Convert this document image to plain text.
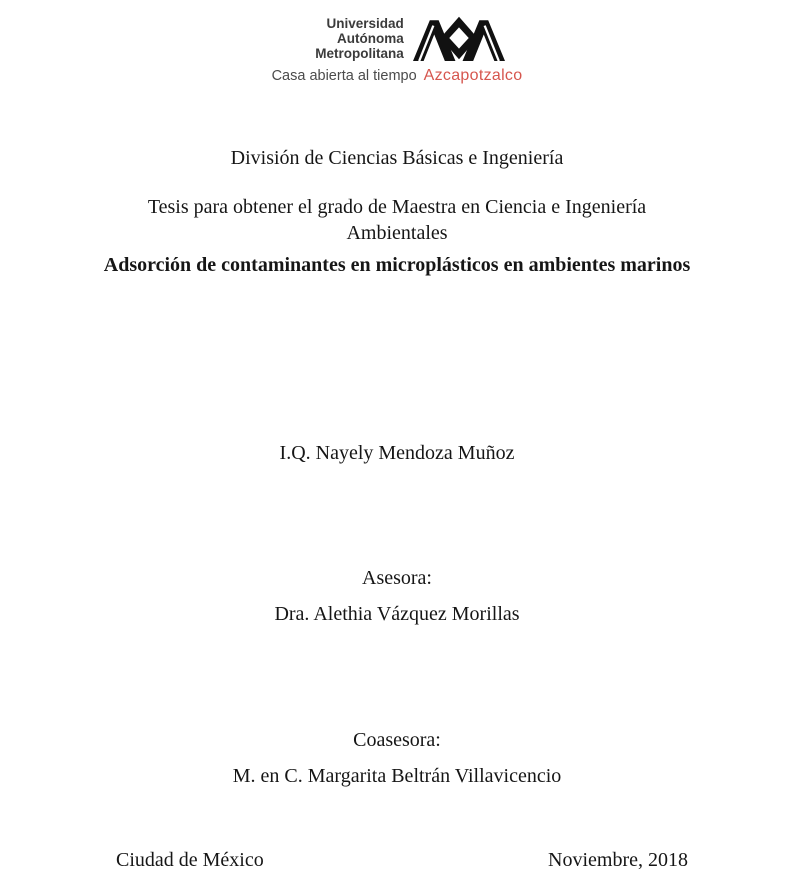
Universidad
Autónoma
Metropolitana
Casa abierta al tiempo Azcapotzalco
División de Ciencias Básicas e Ingeniería
Tesis para obtener el grado de Maestra en Ciencia e Ingeniería Ambientales
Adsorción de contaminantes en microplásticos en ambientes marinos
I.Q. Nayely Mendoza Muñoz
Asesora:
Dra. Alethia Vázquez Morillas
Coasesora:
M. en C. Margarita Beltrán Villavicencio
Ciudad de México	Noviembre, 2018
